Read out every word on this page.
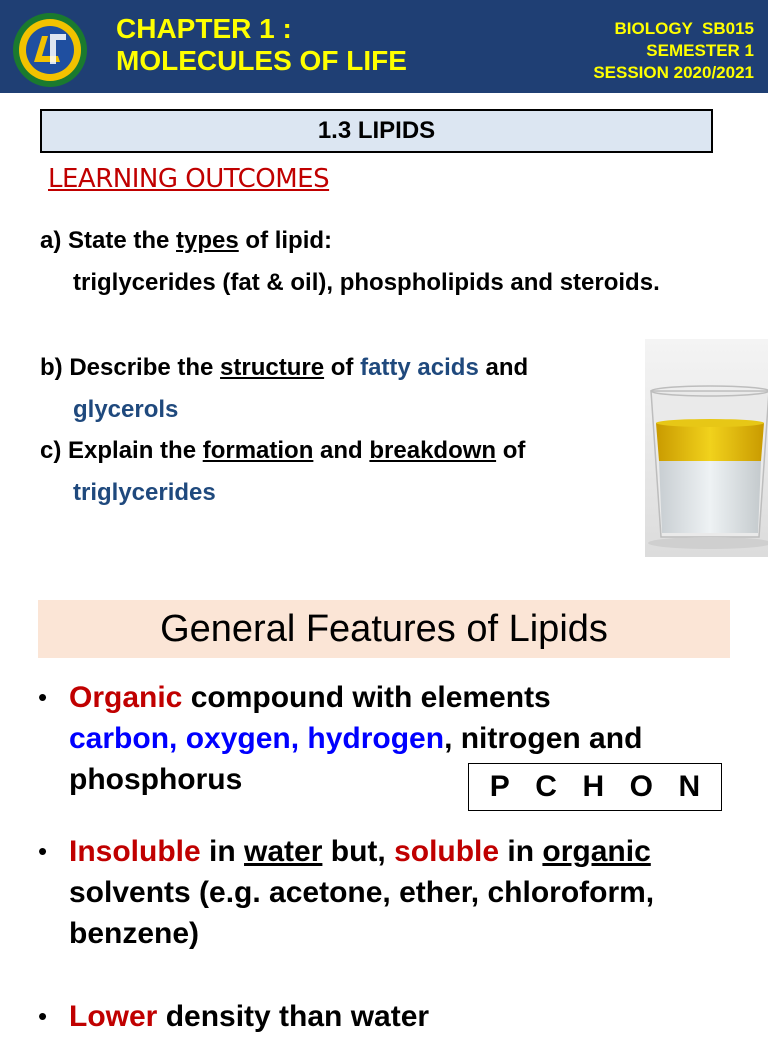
CHAPTER 1 :
MOLECULES OF LIFE
BIOLOGY  SB015
SEMESTER 1
SESSION 2020/2021
1.3 LIPIDS
LEARNING OUTCOMES
a) State the types of lipid:
triglycerides (fat & oil), phospholipids and steroids.
b) Describe the structure of fatty acids and
glycerols
c) Explain the formation and breakdown of
triglycerides
General Features of Lipids
• Organic compound with elements
carbon, oxygen, hydrogen, nitrogen and
phosphorus	P C H O N
• Insoluble in water but, soluble in organic
solvents (e.g. acetone, ether, chloroform, benzene)
• Lower density than water
